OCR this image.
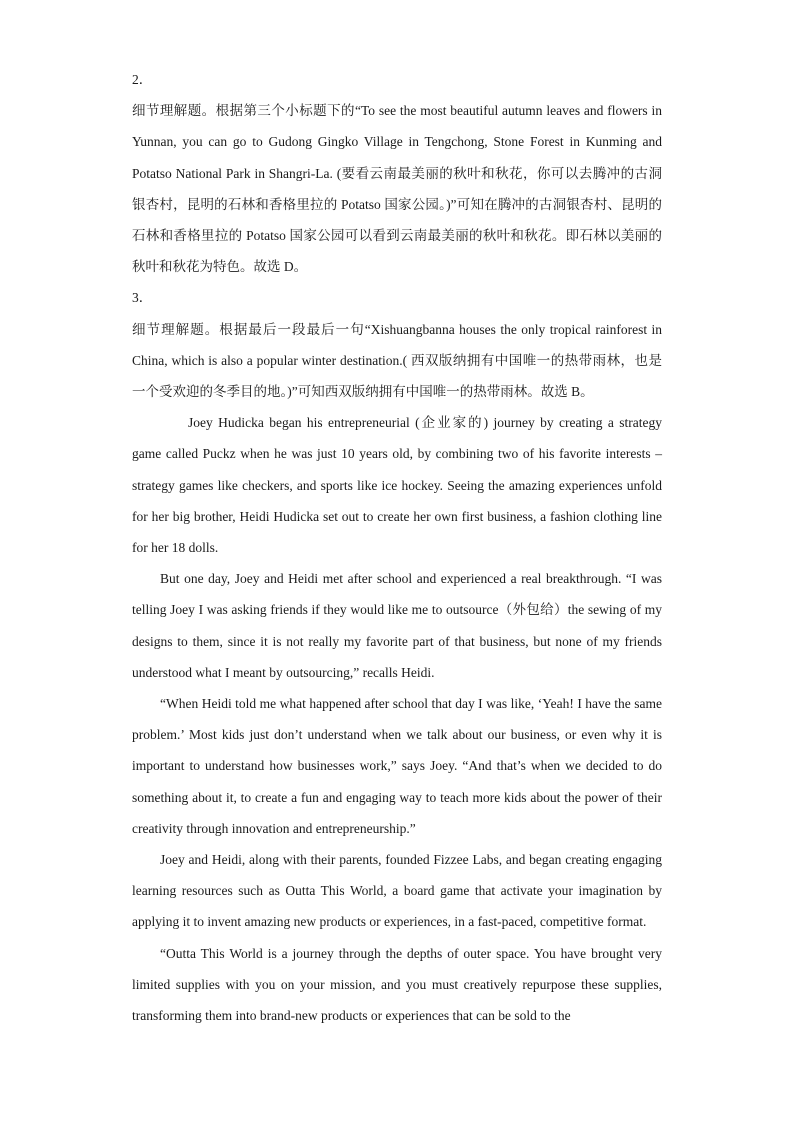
2．

细节理解题。根据第三个小标题下的“To see the most beautiful autumn leaves and flowers in Yunnan, you can go to Gudong Gingko Village in Tengchong, Stone Forest in Kunming and Potatso National Park in Shangri-La. (要看云南最美丽的秋叶和秋花，你可以去腾冲的古洞银杏村，昆明的石林和香格里拉的 Potatso 国家公园。)”可知在腾冲的古洞银杏村、昆明的石林和香格里拉的 Potatso 国家公园可以看到云南最美丽的秋叶和秋花。即石林以美丽的秋叶和秋花为特色。故选 D。

3．

细节理解题。根据最后一段最后一句“Xishuangbanna houses the only tropical rainforest in China, which is also a popular winter destination.( 西双版纳拥有中国唯一的热带雨林，也是一个受欢迎的冬季目的地。)”可知西双版纳拥有中国唯一的热带雨林。故选 B。

Joey Hudicka began his entrepreneurial (企业家的) journey by creating a strategy game called Puckz when he was just 10 years old, by combining two of his favorite interests – strategy games like checkers, and sports like ice hockey. Seeing the amazing experiences unfold for her big brother, Heidi Hudicka set out to create her own first business, a fashion clothing line for her 18 dolls.

But one day, Joey and Heidi met after school and experienced a real breakthrough. “I was telling Joey I was asking friends if they would like me to outsource（外包给）the sewing of my designs to them, since it is not really my favorite part of that business, but none of my friends understood what I meant by outsourcing,” recalls Heidi.

“When Heidi told me what happened after school that day I was like, ‘Yeah! I have the same problem.’ Most kids just don’t understand when we talk about our business, or even why it is important to understand how businesses work,” says Joey. “And that’s when we decided to do something about it, to create a fun and engaging way to teach more kids about the power of their creativity through innovation and entrepreneurship.”

Joey and Heidi, along with their parents, founded Fizzee Labs, and began creating engaging learning resources such as Outta This World, a board game that activate your imagination by applying it to invent amazing new products or experiences, in a fast-paced, competitive format.

“Outta This World is a journey through the depths of outer space. You have brought very limited supplies with you on your mission, and you must creatively repurpose these supplies, transforming them into brand-new products or experiences that can be sold to the
